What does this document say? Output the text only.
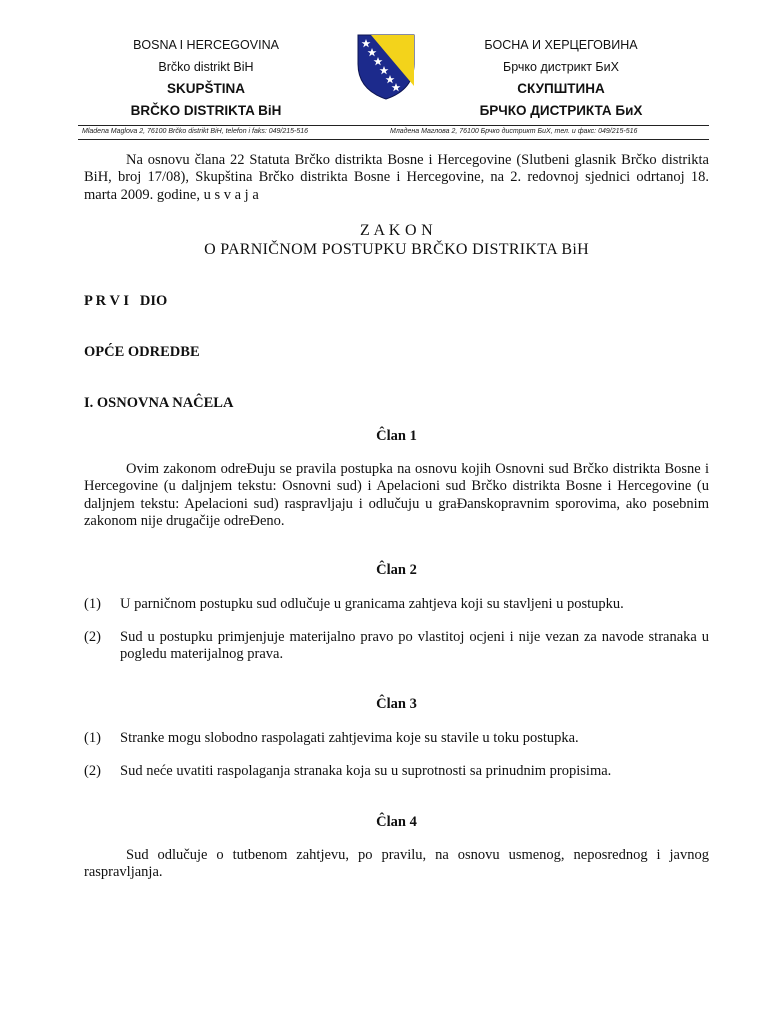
BOSNA I HERCEGOVINA
Brčko distrikt BiH
SKUPŠTINA
BRČKO DISTRIKTA BiH
БОСНА И ХЕРЦЕГОВИНА
Брчко дистрикт БиХ
СКУПШТИНА
БРЧКО ДИСТРИКТА БиХ
Mladena Maglova 2, 76100 Brčko distrikt BiH, telefon i faks: 049/215-516	Младена Маглова 2, 76100 Брчко дистрикт БиХ, тел. и факс: 049/215-516
Na osnovu člana 22 Statuta Brčko distrikta Bosne i Hercegovine (Slutbeni glasnik Brčko distrikta BiH, broj 17/08), Skupština Brčko distrikta Bosne i Hercegovine, na 2. redovnoj sjednici odrtanoj 18. marta 2009. godine, u s v a j a
Z A K O N
O PARNIČNOM POSTUPKU BRČKO DISTRIKTA BiH
P R V I   DIO
OPĆE ODREDBE
I. OSNOVNA NAĈELA
Ĉlan 1
Ovim zakonom odreĐuju se pravila postupka na osnovu kojih Osnovni sud Brčko distrikta Bosne i Hercegovine (u daljnjem tekstu: Osnovni sud) i Apelacioni sud Brčko distrikta Bosne i Hercegovine (u daljnjem tekstu: Apelacioni sud) raspravljaju i odlučuju u graĐanskopravnim sporovima, ako posebnim zakonom nije drugačije odreĐeno.
Ĉlan 2
(1) U parničnom postupku sud odlučuje u granicama zahtjeva koji su stavljeni u postupku.
(2) Sud u postupku primjenjuje materijalno pravo po vlastitoj ocjeni i nije vezan za navode stranaka u pogledu materijalnog prava.
Ĉlan 3
(1) Stranke mogu slobodno raspolagati zahtjevima koje su stavile u toku postupka.
(2) Sud neće uvatiti raspolaganja stranaka koja su u suprotnosti sa prinudnim propisima.
Ĉlan 4
Sud odlučuje o tutbenom zahtjevu, po pravilu, na osnovu usmenog, neposrednog i javnog raspravljanja.
